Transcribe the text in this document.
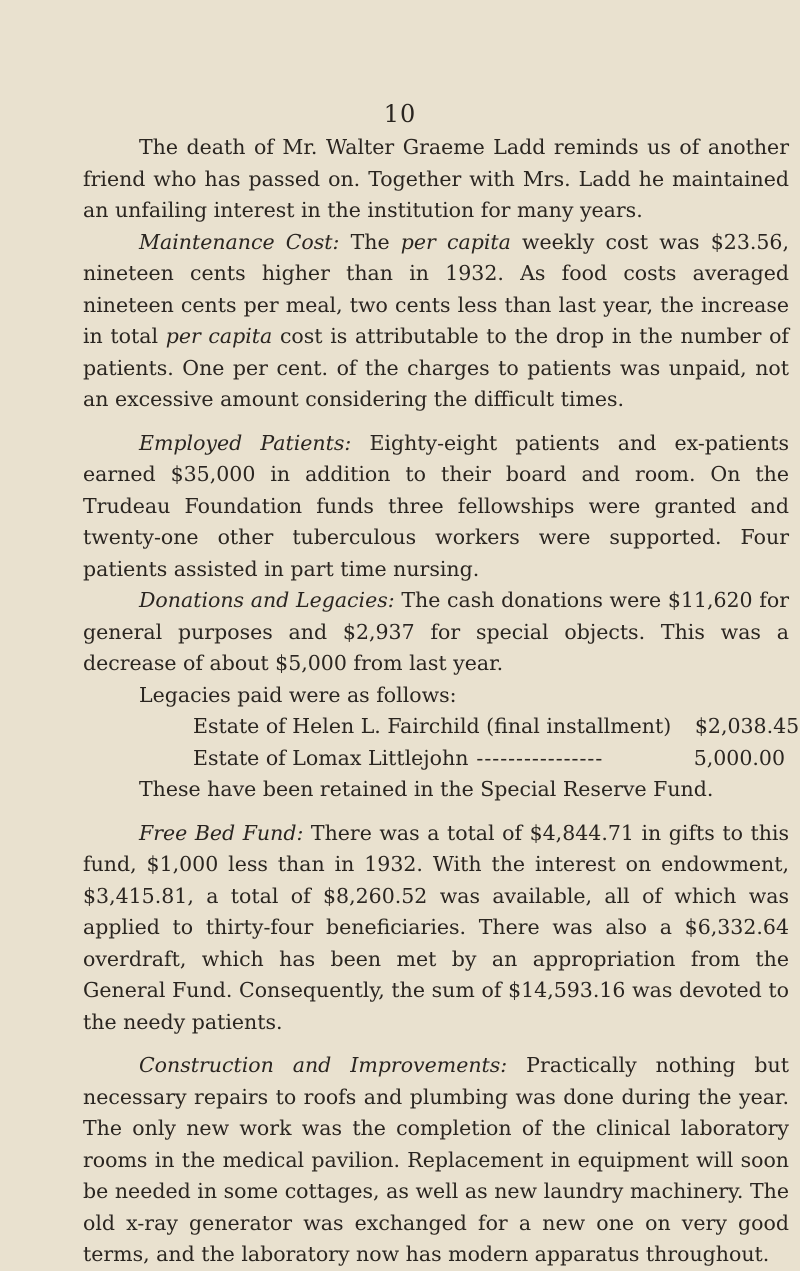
10

The death of Mr. Walter Graeme Ladd reminds us of another friend who has passed on. Together with Mrs. Ladd he maintained an unfailing interest in the institution for many years.

Maintenance Cost: The per capita weekly cost was $23.56, nineteen cents higher than in 1932. As food costs averaged nineteen cents per meal, two cents less than last year, the increase in total per capita cost is attributable to the drop in the number of patients. One per cent. of the charges to patients was unpaid, not an excessive amount considering the difficult times.

Employed Patients: Eighty-eight patients and ex-patients earned $35,000 in addition to their board and room. On the Trudeau Foundation funds three fellowships were granted and twenty-one other tuberculous workers were supported. Four patients assisted in part time nursing.

Donations and Legacies: The cash donations were $11,620 for general purposes and $2,937 for special objects. This was a decrease of about $5,000 from last year.

Legacies paid were as follows:

Estate of Helen L. Fairchild (final installment)	$2,038.45
Estate of Lomax Littlejohn ----------------	5,000.00

These have been retained in the Special Reserve Fund.

Free Bed Fund: There was a total of $4,844.71 in gifts to this fund, $1,000 less than in 1932. With the interest on endowment, $3,415.81, a total of $8,260.52 was available, all of which was applied to thirty-four beneficiaries. There was also a $6,332.64 overdraft, which has been met by an appropriation from the General Fund. Consequently, the sum of $14,593.16 was devoted to the needy patients.

Construction and Improvements: Practically nothing but necessary repairs to roofs and plumbing was done during the year. The only new work was the completion of the clinical laboratory rooms in the medical pavilion. Replacement in equipment will soon be needed in some cottages, as well as new laundry machinery. The old x-ray generator was exchanged for a new one on very good terms, and the laboratory now has modern apparatus throughout.
